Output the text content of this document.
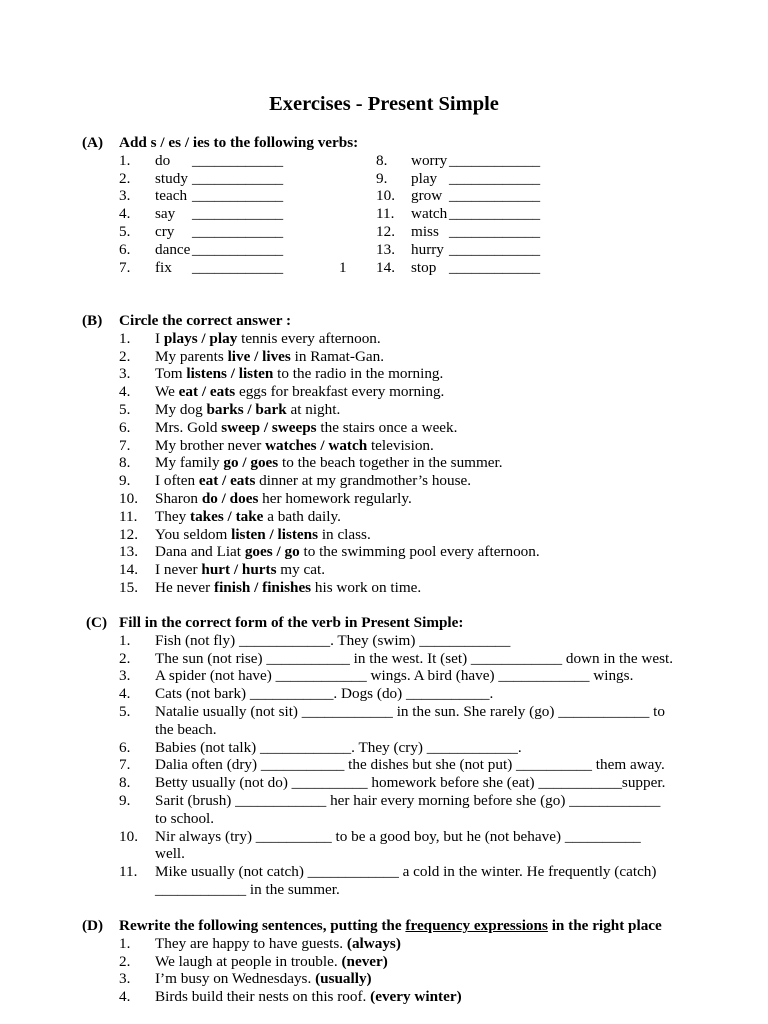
Exercises - Present Simple
(A) Add s / es / ies to the following verbs:
1. do ____________	8. worry ____________
2. study ____________	9. play ____________
3. teach ____________	10. grow ____________
4. say ____________	11. watch ____________
5. cry ____________	12. miss ____________
6. dance ____________	13. hurry ____________
7. fix ____________	1 14. stop ____________
(B) Circle the correct answer :
1. I plays / play tennis every afternoon.
2. My parents live / lives in Ramat-Gan.
3. Tom listens / listen to the radio in the morning.
4. We eat / eats eggs for breakfast every morning.
5. My dog barks / bark at night.
6. Mrs. Gold sweep / sweeps the stairs once a week.
7. My brother never watches / watch television.
8. My family go / goes to the beach together in the summer.
9. I often eat / eats dinner at my grandmother’s house.
10. Sharon do / does her homework regularly.
11. They takes / take a bath daily.
12. You seldom listen / listens in class.
13. Dana and Liat goes / go to the swimming pool every afternoon.
14. I never hurt / hurts my cat.
15. He never finish / finishes his work on time.
(C) Fill in the correct form of the verb in Present Simple:
1. Fish (not fly) ____________. They (swim) ____________
2. The sun (not rise) ___________ in the west. It (set) ____________ down in the west.
3. A spider (not have) ____________ wings. A bird (have) ____________ wings.
4. Cats (not bark) ___________. Dogs (do) ___________.
5. Natalie usually (not sit) ____________ in the sun. She rarely (go) ____________ to
the beach.
6. Babies (not talk) ____________. They (cry) ____________.
7. Dalia often (dry) ___________ the dishes but she (not put) __________ them away.
8. Betty usually (not do) __________ homework before she (eat) ___________supper.
9. Sarit (brush) ____________ her hair every morning before she (go) ____________
to school.
10. Nir always (try) __________ to be a good boy, but he (not behave) __________
well.
11. Mike usually (not catch) ____________ a cold in the winter. He frequently (catch)
____________ in the summer.
(D) Rewrite the following sentences, putting the frequency expressions in the right place
1. They are happy to have guests. (always)
2. We laugh at people in trouble. (never)
3. I’m busy on Wednesdays. (usually)
4. Birds build their nests on this roof. (every winter)
